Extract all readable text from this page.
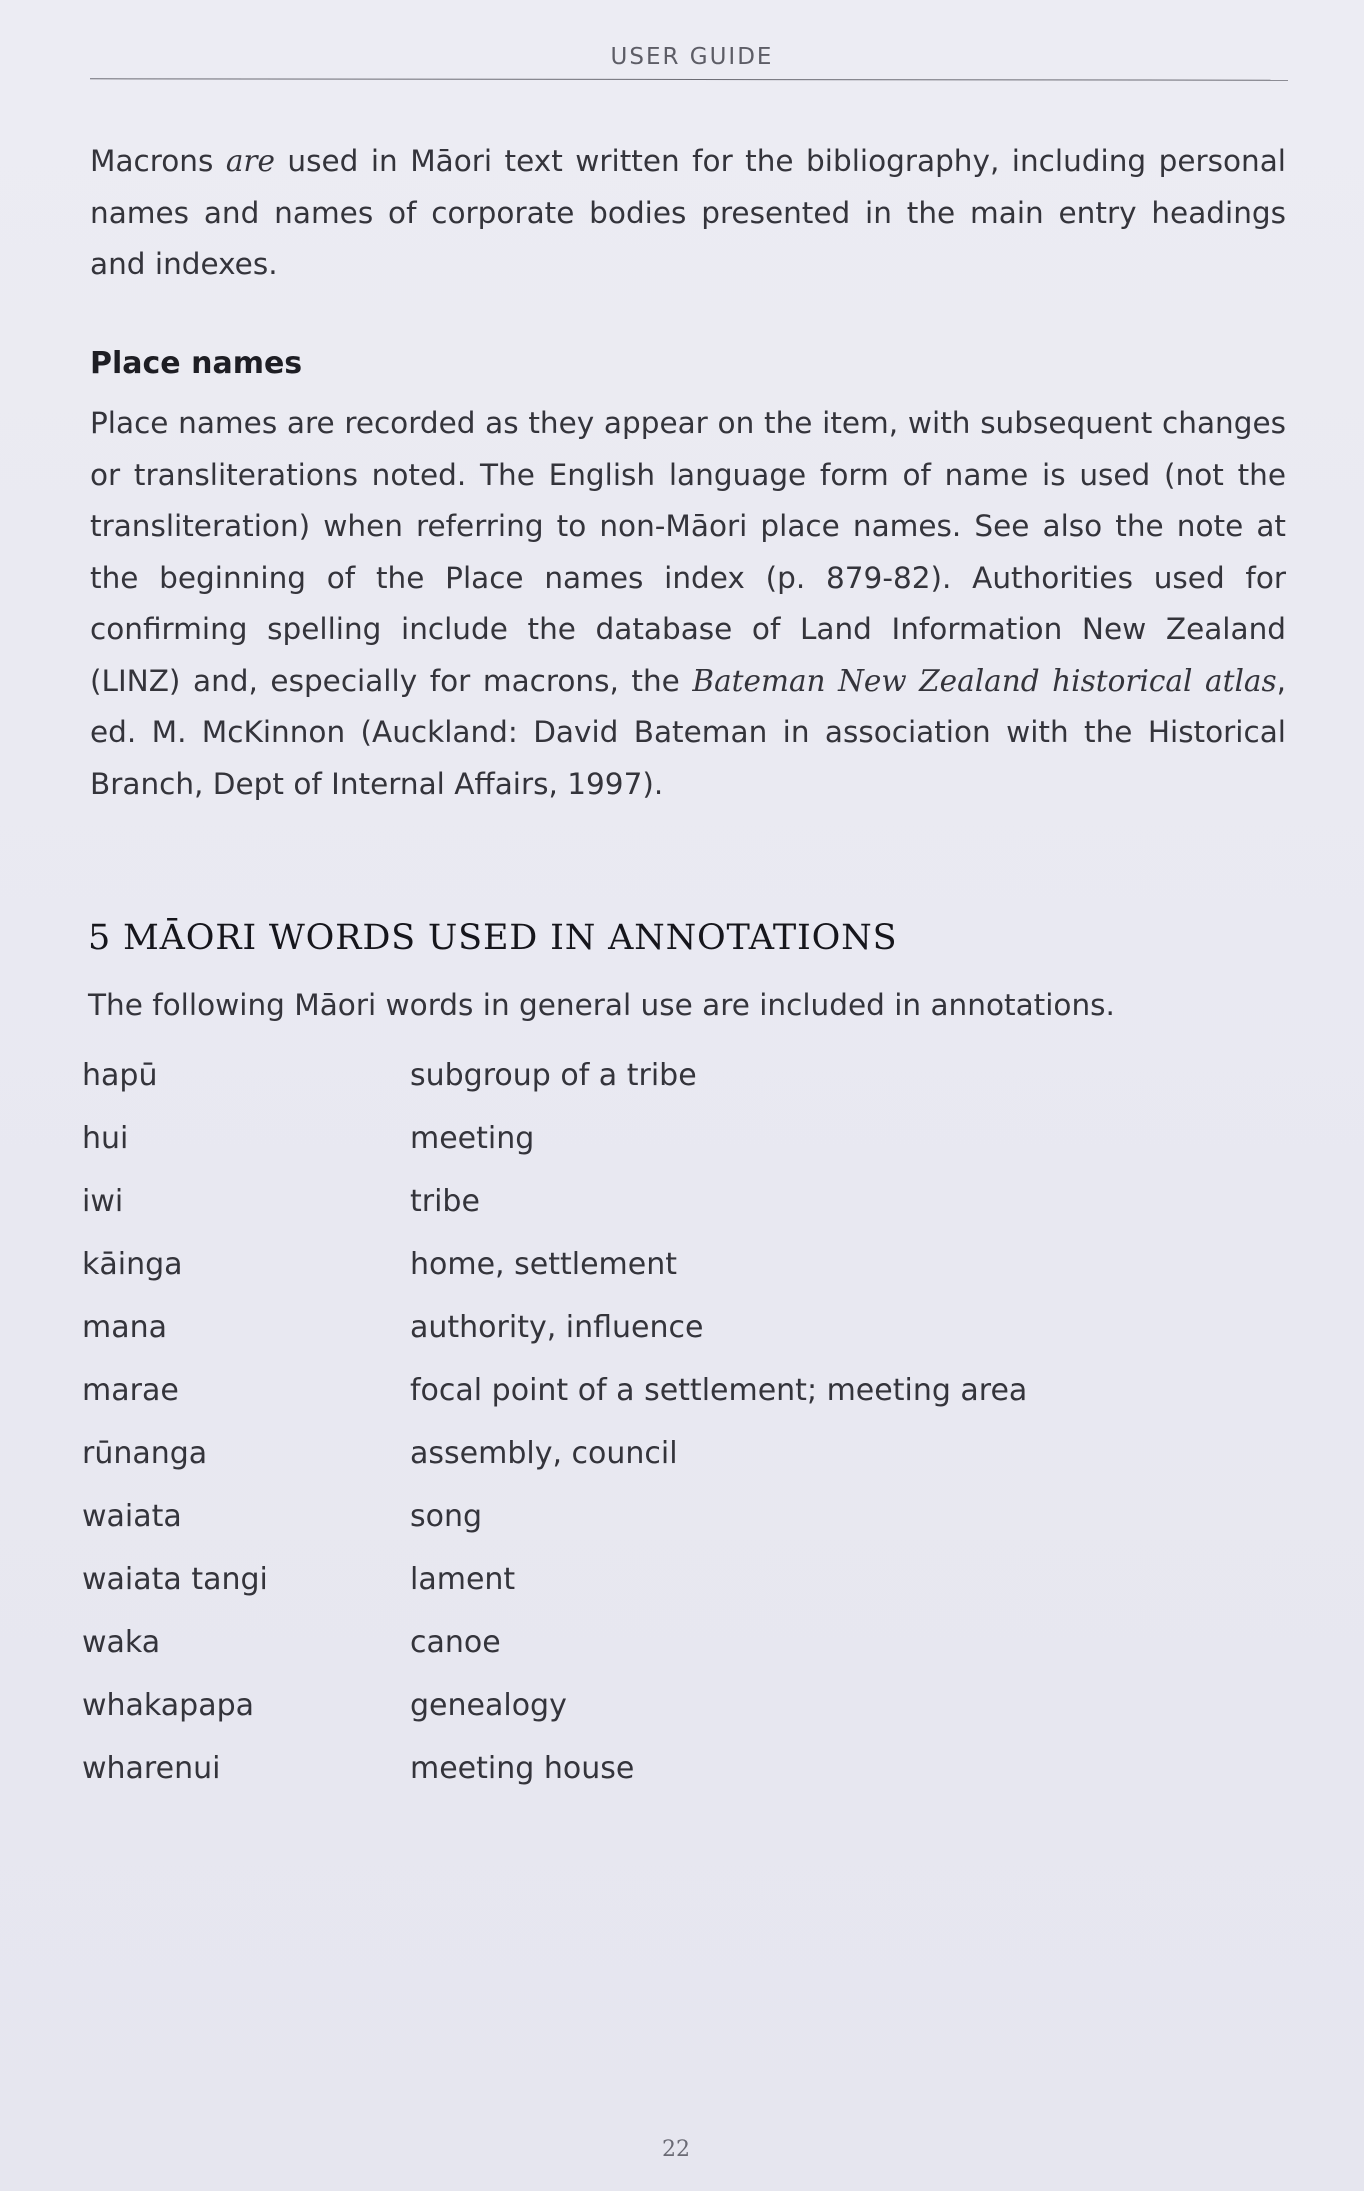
USER GUIDE

Macrons are used in Māori text written for the bibliography, including personal names and names of corporate bodies presented in the main entry headings and indexes.

Place names

Place names are recorded as they appear on the item, with subsequent changes or transliterations noted. The English language form of name is used (not the transliteration) when referring to non-Māori place names. See also the note at the beginning of the Place names index (p. 879-82). Authorities used for confirming spelling include the database of Land Information New Zealand (LINZ) and, especially for macrons, the Bateman New Zealand historical atlas, ed. M. McKinnon (Auckland: David Bateman in association with the Historical Branch, Dept of Internal Affairs, 1997).

5 MĀORI WORDS USED IN ANNOTATIONS

The following Māori words in general use are included in annotations.

hapū	subgroup of a tribe
hui	meeting
iwi	tribe
kāinga	home, settlement
mana	authority, influence
marae	focal point of a settlement; meeting area
rūnanga	assembly, council
waiata	song
waiata tangi	lament
waka	canoe
whakapapa	genealogy
wharenui	meeting house
22
